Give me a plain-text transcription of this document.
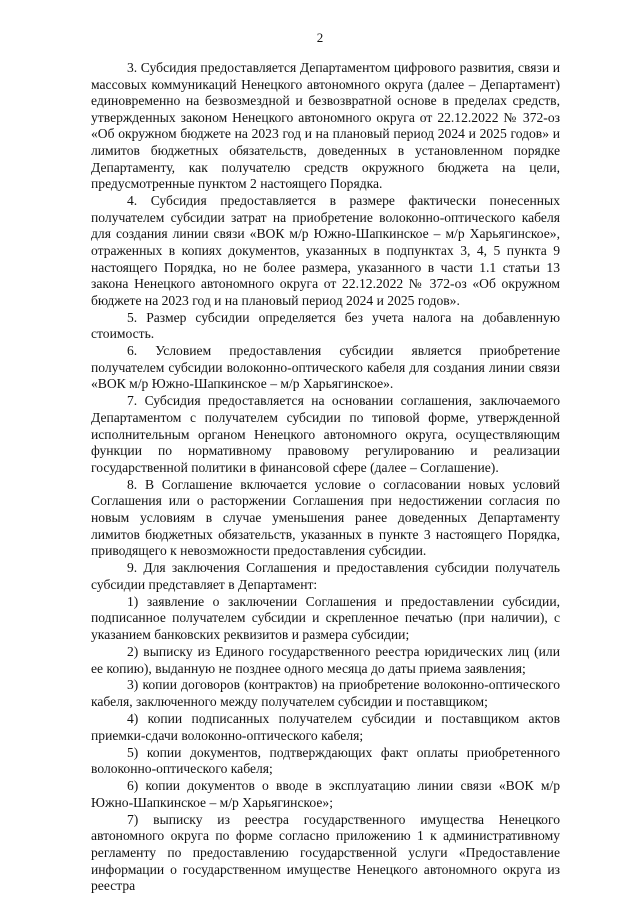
2

3. Субсидия предоставляется Департаментом цифрового развития, связи и массовых коммуникаций Ненецкого автономного округа (далее – Департамент) единовременно на безвозмездной и безвозвратной основе в пределах средств, утвержденных законом Ненецкого автономного округа от 22.12.2022 № 372-оз «Об окружном бюджете на 2023 год и на плановый период 2024 и 2025 годов» и лимитов бюджетных обязательств, доведенных в установленном порядке Департаменту, как получателю средств окружного бюджета на цели, предусмотренные пунктом 2 настоящего Порядка.

4. Субсидия предоставляется в размере фактически понесенных получателем субсидии затрат на приобретение волоконно-оптического кабеля для создания линии связи «ВОК м/р Южно-Шапкинское – м/р Харьягинское», отраженных в копиях документов, указанных в подпунктах 3, 4, 5 пункта 9 настоящего Порядка, но не более размера, указанного в части 1.1 статьи 13 закона Ненецкого автономного округа от 22.12.2022 № 372-оз «Об окружном бюджете на 2023 год и на плановый период 2024 и 2025 годов».

5. Размер субсидии определяется без учета налога на добавленную стоимость.

6. Условием предоставления субсидии является приобретение получателем субсидии волоконно-оптического кабеля для создания линии связи «ВОК м/р Южно-Шапкинское – м/р Харьягинское».

7. Субсидия предоставляется на основании соглашения, заключаемого Департаментом с получателем субсидии по типовой форме, утвержденной исполнительным органом Ненецкого автономного округа, осуществляющим функции по нормативному правовому регулированию и реализации государственной политики в финансовой сфере (далее – Соглашение).

8. В Соглашение включается условие о согласовании новых условий Соглашения или о расторжении Соглашения при недостижении согласия по новым условиям в случае уменьшения ранее доведенных Департаменту лимитов бюджетных обязательств, указанных в пункте 3 настоящего Порядка, приводящего к невозможности предоставления субсидии.

9. Для заключения Соглашения и предоставления субсидии получатель субсидии представляет в Департамент:

1) заявление о заключении Соглашения и предоставлении субсидии, подписанное получателем субсидии и скрепленное печатью (при наличии), с указанием банковских реквизитов и размера субсидии;

2) выписку из Единого государственного реестра юридических лиц (или ее копию), выданную не позднее одного месяца до даты приема заявления;

3) копии договоров (контрактов) на приобретение волоконно-оптического кабеля, заключенного между получателем субсидии и поставщиком;

4) копии подписанных получателем субсидии и поставщиком актов приемки-сдачи волоконно-оптического кабеля;

5) копии документов, подтверждающих факт оплаты приобретенного волоконно-оптического кабеля;

6) копии документов о вводе в эксплуатацию линии связи «ВОК м/р Южно-Шапкинское – м/р Харьягинское»;

7) выписку из реестра государственного имущества Ненецкого автономного округа по форме согласно приложению 1 к административному регламенту по предоставлению государственной услуги «Предоставление информации о государственном имуществе Ненецкого автономного округа из реестра
